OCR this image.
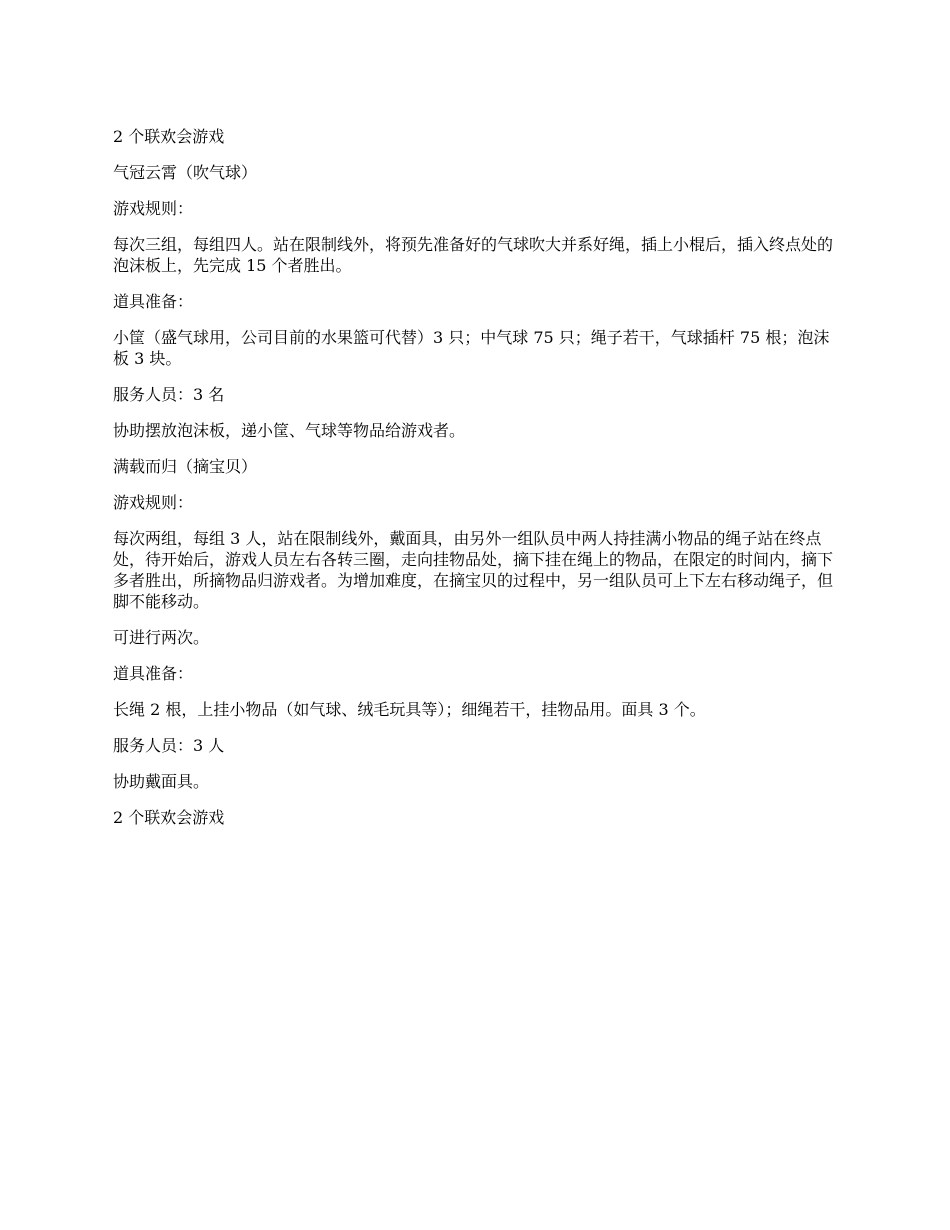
2 个联欢会游戏

气冠云霄（吹气球）

游戏规则：

每次三组，每组四人。站在限制线外，将预先准备好的气球吹大并系好绳，插上小棍后，插入终点处的泡沫板上，先完成 15 个者胜出。

道具准备：

小筐（盛气球用，公司目前的水果篮可代替）3 只；中气球 75 只；绳子若干，气球插杆 75 根；泡沫板 3 块。

服务人员：3 名

协助摆放泡沫板，递小筐、气球等物品给游戏者。

满载而归（摘宝贝）

游戏规则：

每次两组，每组 3 人，站在限制线外，戴面具，由另外一组队员中两人持挂满小物品的绳子站在终点处，待开始后，游戏人员左右各转三圈，走向挂物品处，摘下挂在绳上的物品，在限定的时间内，摘下多者胜出，所摘物品归游戏者。为增加难度，在摘宝贝的过程中，另一组队员可上下左右移动绳子，但脚不能移动。

可进行两次。

道具准备：

长绳 2 根，上挂小物品（如气球、绒毛玩具等）；细绳若干，挂物品用。面具 3 个。

服务人员：3 人

协助戴面具。

2 个联欢会游戏
